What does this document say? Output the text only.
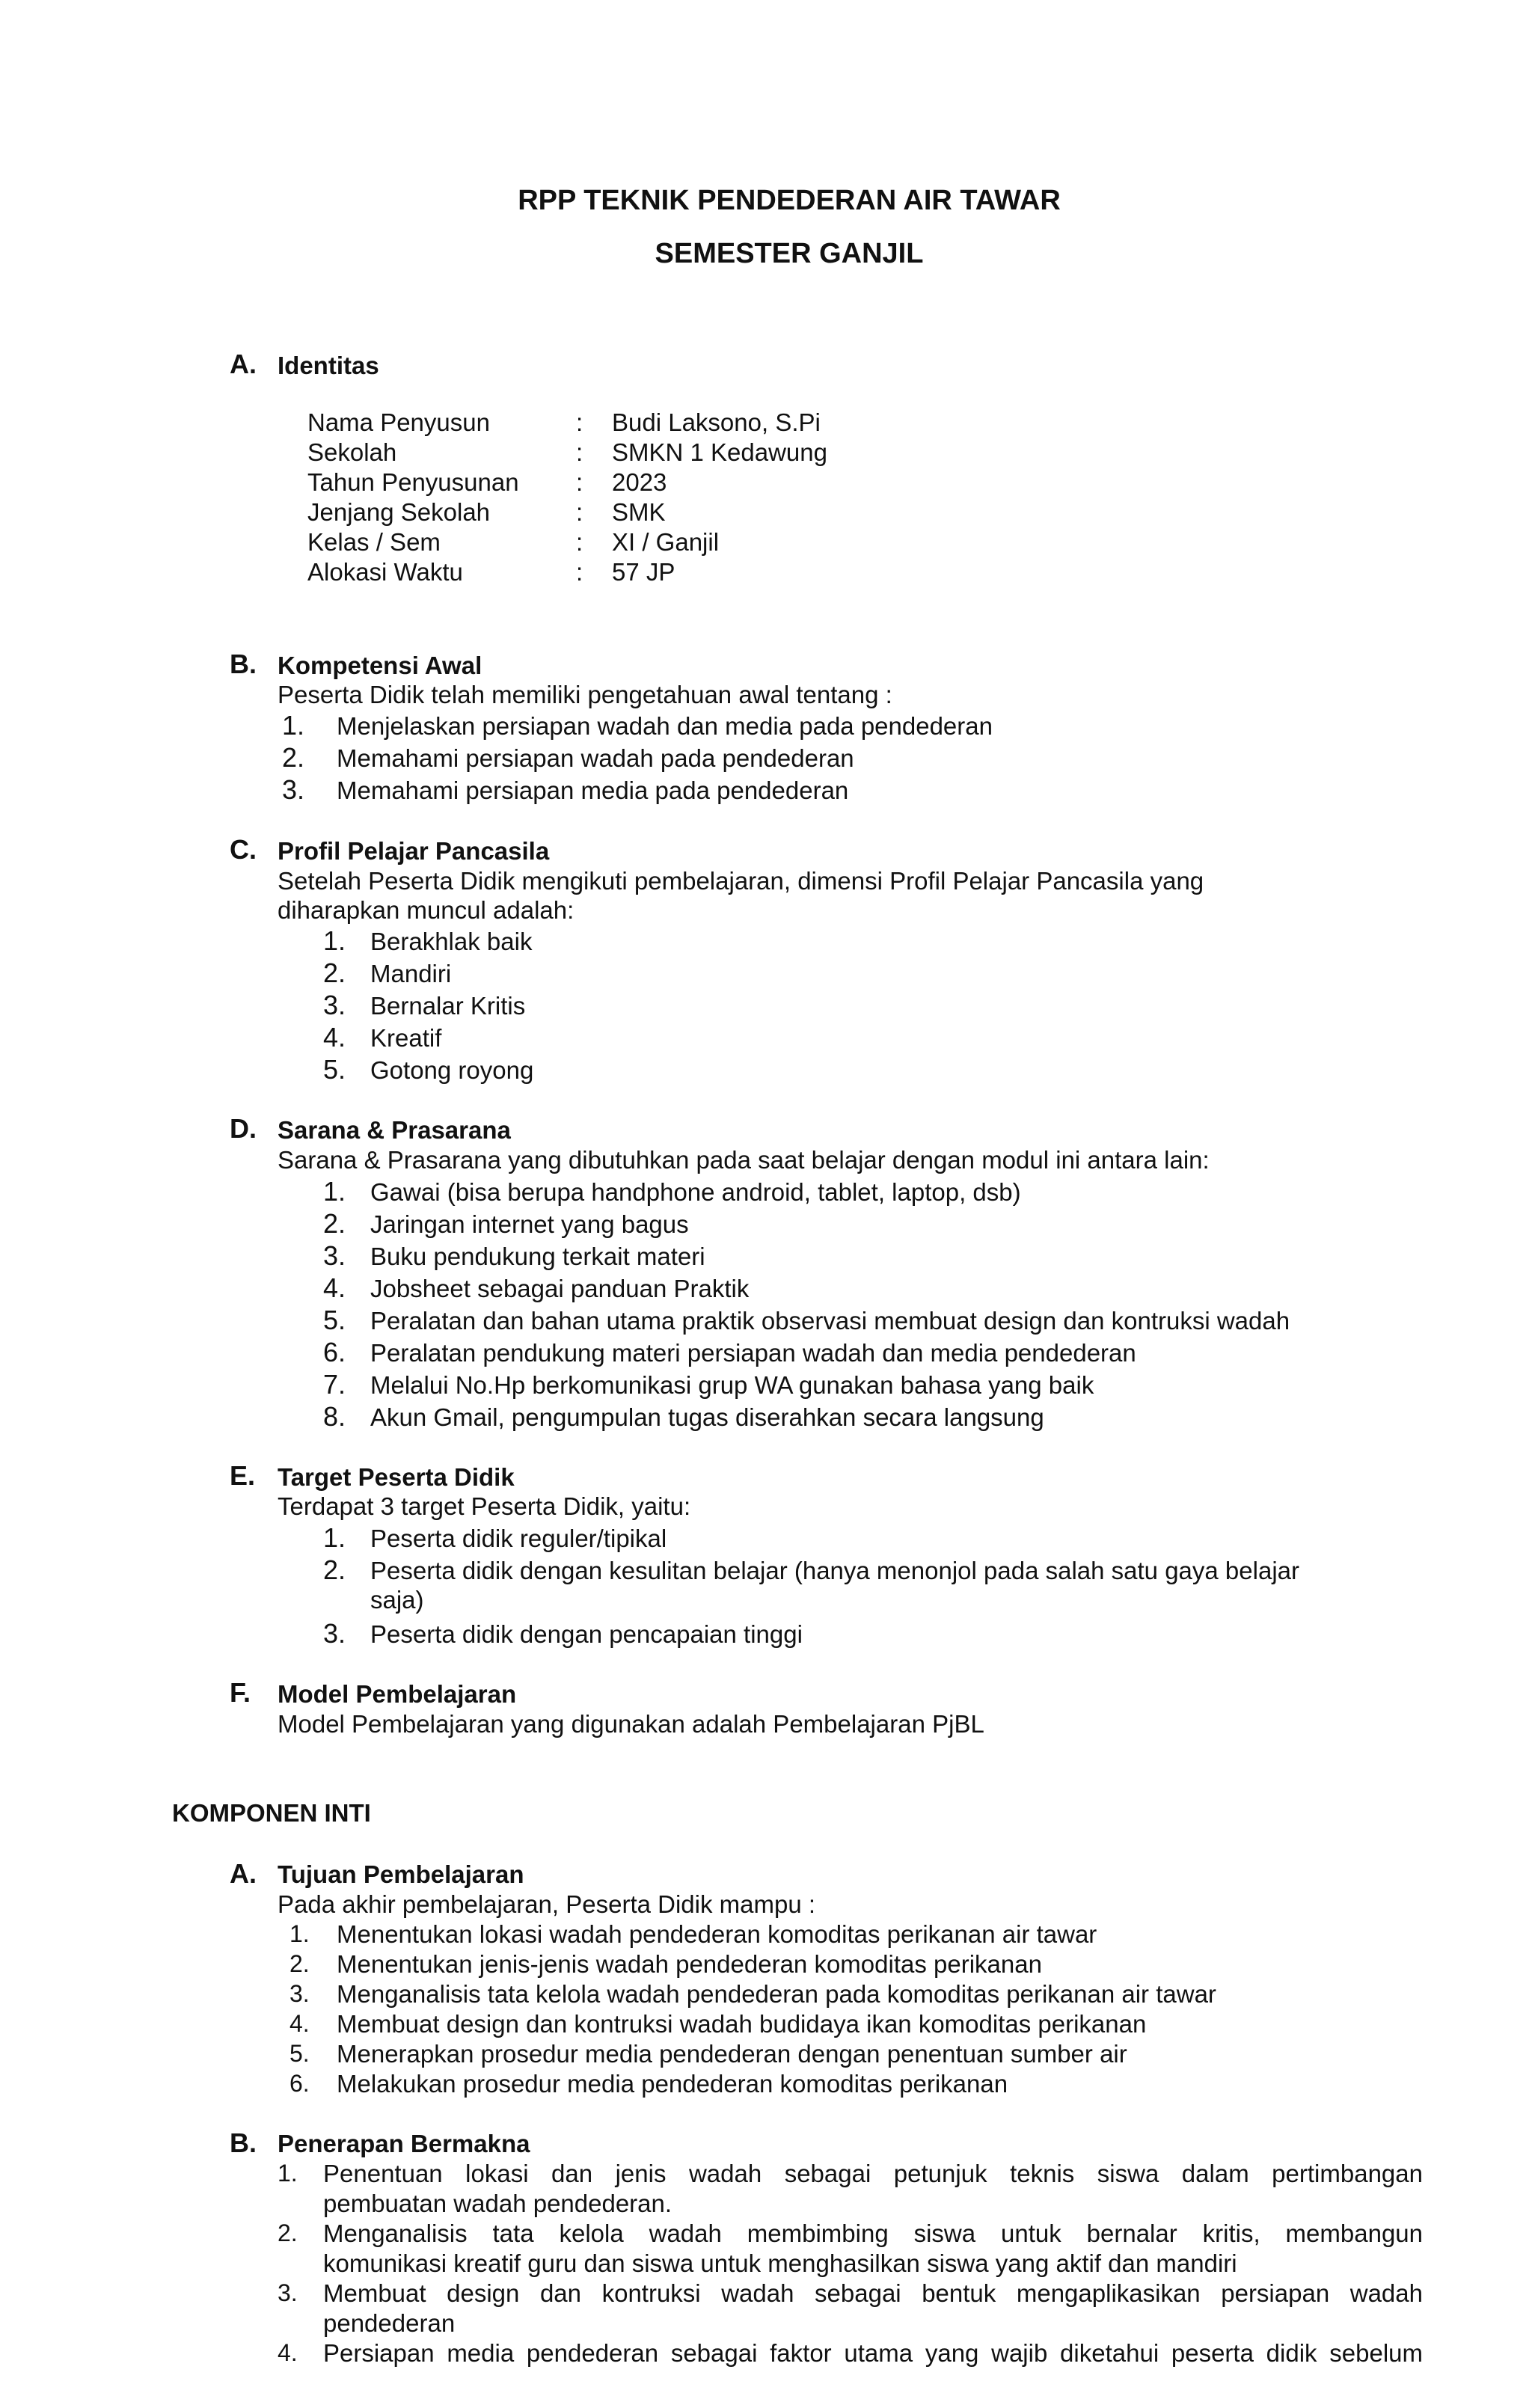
RPP TEKNIK PENDEDERAN AIR TAWAR
SEMESTER GANJIL
A. Identitas
Nama Penyusun	: Budi Laksono, S.Pi
Sekolah	: SMKN 1 Kedawung
Tahun Penyusunan : 2023
Jenjang Sekolah	: SMK
Kelas / Sem	: XI / Ganjil
Alokasi Waktu	: 57 JP
B. Kompetensi Awal
Peserta Didik telah memiliki pengetahuan awal tentang :
1. Menjelaskan persiapan wadah dan media pada pendederan
2. Memahami persiapan wadah pada pendederan
3. Memahami persiapan media pada pendederan
C. Profil Pelajar Pancasila
Setelah Peserta Didik mengikuti pembelajaran, dimensi Profil Pelajar Pancasila yang
diharapkan muncul adalah:
1. Berakhlak baik
2. Mandiri
3. Bernalar Kritis
4. Kreatif
5. Gotong royong
D. Sarana & Prasarana
Sarana & Prasarana yang dibutuhkan pada saat belajar dengan modul ini antara lain:
1. Gawai (bisa berupa handphone android, tablet, laptop, dsb)
2. Jaringan internet yang bagus
3. Buku pendukung terkait materi
4. Jobsheet sebagai panduan Praktik
5. Peralatan dan bahan utama praktik observasi membuat design dan kontruksi wadah
6. Peralatan pendukung materi persiapan wadah dan media pendederan
7. Melalui No.Hp berkomunikasi grup WA gunakan bahasa yang baik
8. Akun Gmail, pengumpulan tugas diserahkan secara langsung
E. Target Peserta Didik
Terdapat 3 target Peserta Didik, yaitu:
1. Peserta didik reguler/tipikal
2. Peserta didik dengan kesulitan belajar (hanya menonjol pada salah satu gaya belajar
saja)
3. Peserta didik dengan pencapaian tinggi
F. Model Pembelajaran
Model Pembelajaran yang digunakan adalah Pembelajaran PjBL
KOMPONEN INTI
A. Tujuan Pembelajaran
Pada akhir pembelajaran, Peserta Didik mampu :
1. Menentukan lokasi wadah pendederan komoditas perikanan air tawar
2. Menentukan jenis-jenis wadah pendederan komoditas perikanan
3. Menganalisis tata kelola wadah pendederan pada komoditas perikanan air tawar
4. Membuat design dan kontruksi wadah budidaya ikan komoditas perikanan
5. Menerapkan prosedur media pendederan dengan penentuan sumber air
6. Melakukan prosedur media pendederan komoditas perikanan
B. Penerapan Bermakna
1. Penentuan lokasi dan jenis wadah sebagai petunjuk teknis siswa dalam pertimbangan
pembuatan wadah pendederan.
2. Menganalisis tata kelola wadah membimbing siswa untuk bernalar kritis, membangun
komunikasi kreatif guru dan siswa untuk menghasilkan siswa yang aktif dan mandiri
3. Membuat design dan kontruksi wadah sebagai bentuk mengaplikasikan persiapan wadah
pendederan
4. Persiapan media pendederan sebagai faktor utama yang wajib diketahui peserta didik sebelum
